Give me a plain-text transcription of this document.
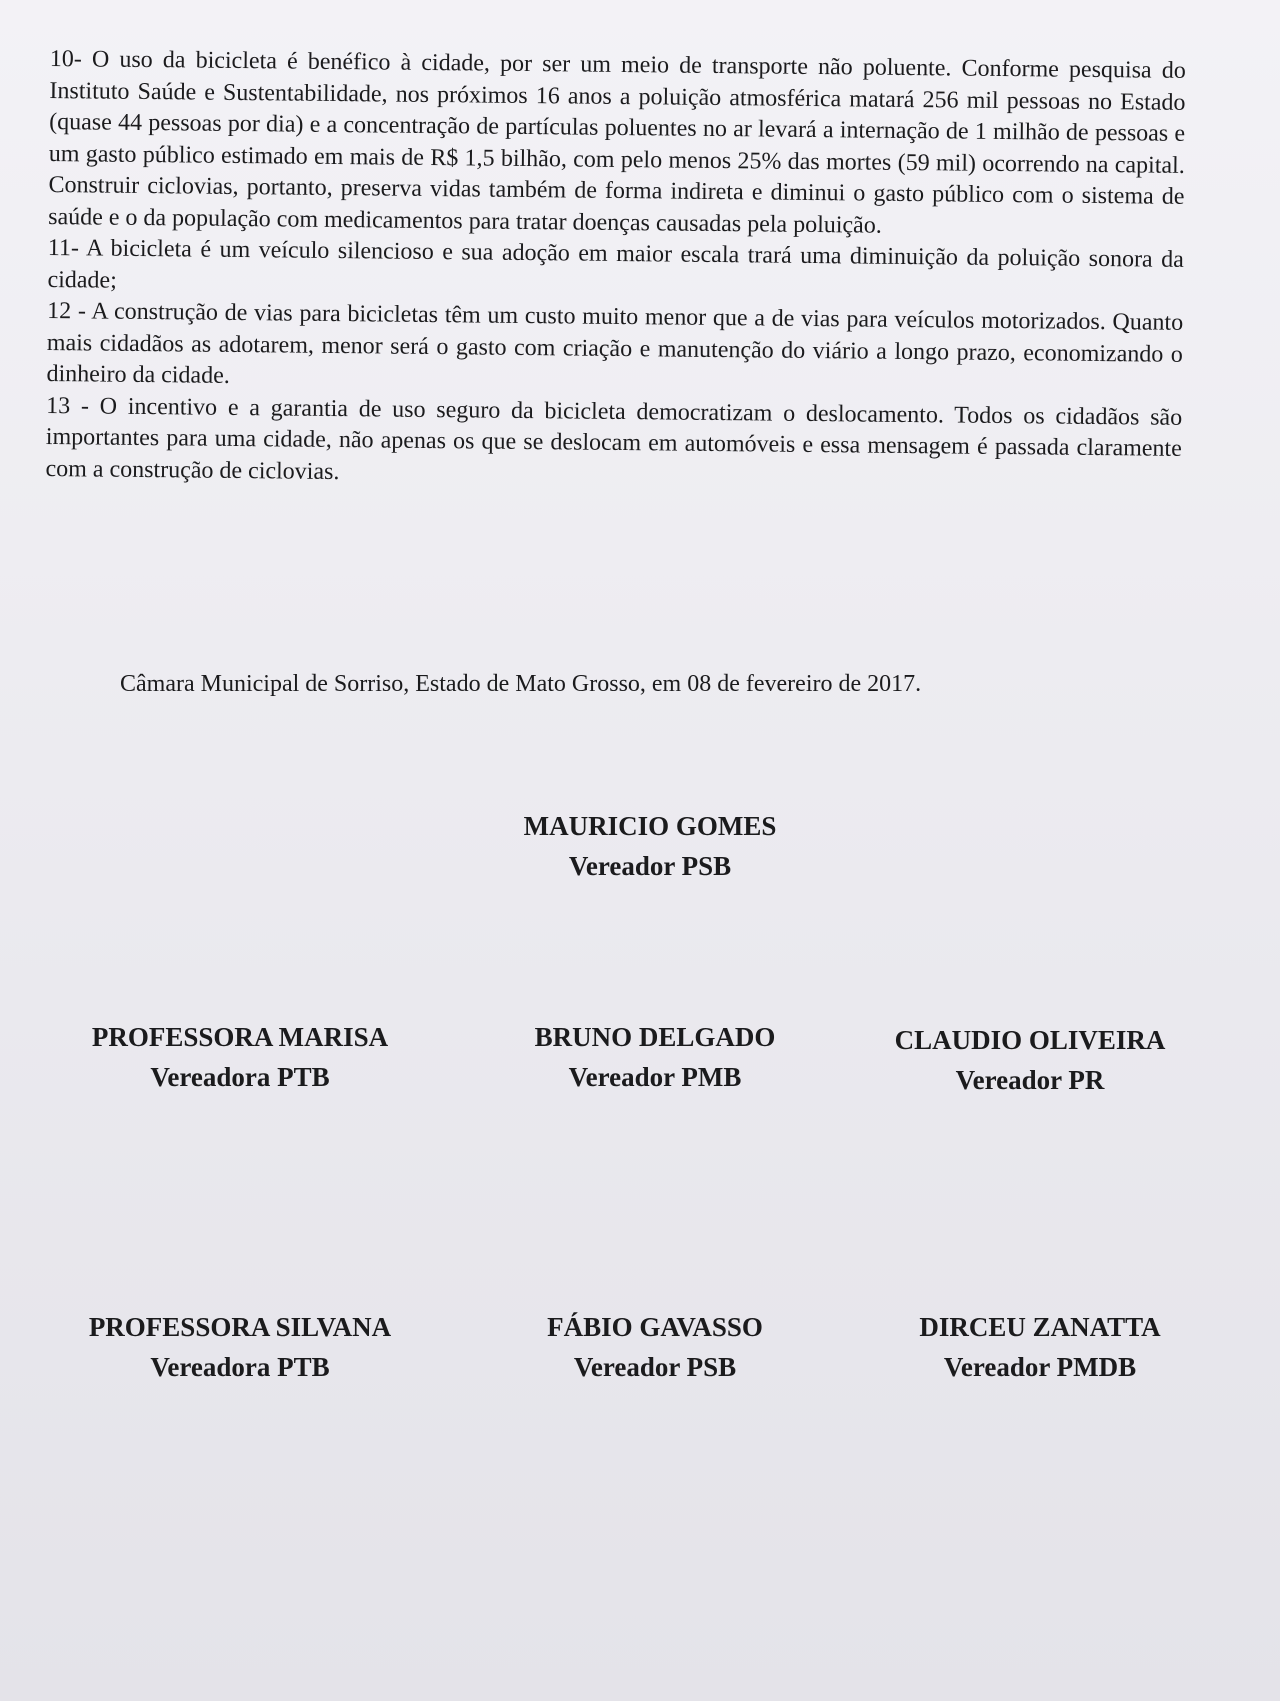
10- O uso da bicicleta é benéfico à cidade, por ser um meio de transporte não poluente. Conforme pesquisa do Instituto Saúde e Sustentabilidade, nos próximos 16 anos a poluição atmosférica matará 256 mil pessoas no Estado (quase 44 pessoas por dia) e a concentração de partículas poluentes no ar levará a internação de 1 milhão de pessoas e um gasto público estimado em mais de R$ 1,5 bilhão, com pelo menos 25% das mortes (59 mil) ocorrendo na capital. Construir ciclovias, portanto, preserva vidas também de forma indireta e diminui o gasto público com o sistema de saúde e o da população com medicamentos para tratar doenças causadas pela poluição.

11- A bicicleta é um veículo silencioso e sua adoção em maior escala trará uma diminuição da poluição sonora da cidade;

12 - A construção de vias para bicicletas têm um custo muito menor que a de vias para veículos motorizados. Quanto mais cidadãos as adotarem, menor será o gasto com criação e manutenção do viário a longo prazo, economizando o dinheiro da cidade.

13 - O incentivo e a garantia de uso seguro da bicicleta democratizam o deslocamento. Todos os cidadãos são importantes para uma cidade, não apenas os que se deslocam em automóveis e essa mensagem é passada claramente com a construção de ciclovias.

Câmara Municipal de Sorriso, Estado de Mato Grosso, em 08 de fevereiro de 2017.
MAURICIO GOMES
Vereador PSB
PROFESSORA MARISA
Vereadora PTB
BRUNO DELGADO
Vereador PMB
CLAUDIO OLIVEIRA
Vereador PR
PROFESSORA SILVANA
Vereadora PTB
FÁBIO GAVASSO
Vereador PSB
DIRCEU ZANATTA
Vereador PMDB
